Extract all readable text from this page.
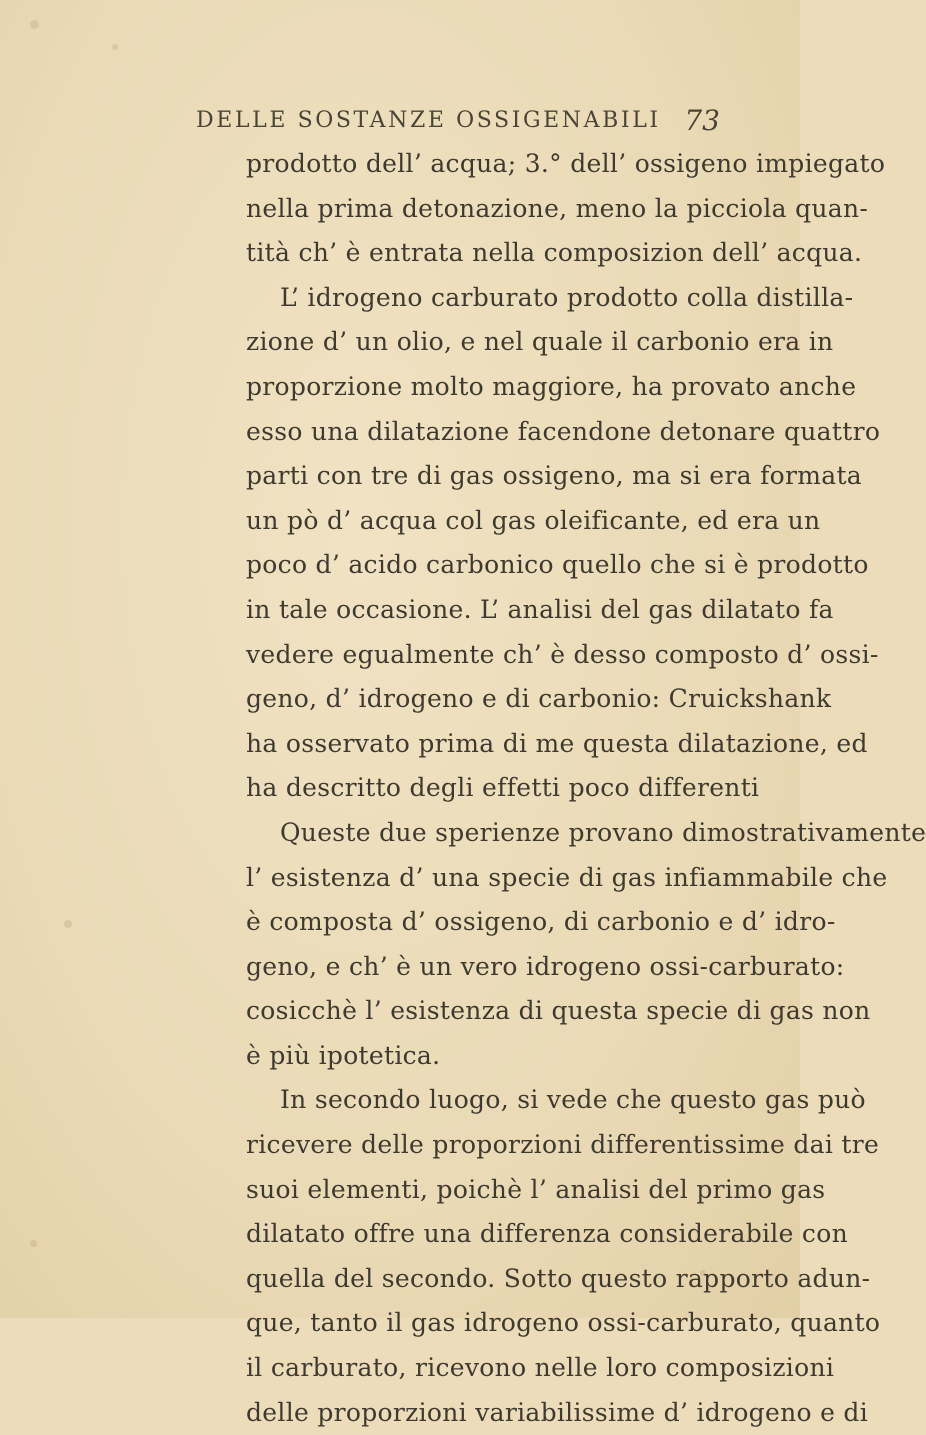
DELLE SOSTANZE OSSIGENABILI 73
prodotto dell’ acqua; 3.° dell’ ossigeno impiegato
nella prima detonazione, meno la picciola quan-
tità ch’ è entrata nella composizion dell’ acqua.
L’ idrogeno carburato prodotto colla distilla-
zione d’ un olio, e nel quale il carbonio era in
proporzione molto maggiore, ha provato anche
esso una dilatazione facendone detonare quattro
parti con tre di gas ossigeno, ma si era formata
un pò d’ acqua col gas oleificante, ed era un
poco d’ acido carbonico quello che si è prodotto
in tale occasione. L’ analisi del gas dilatato fa
vedere egualmente ch’ è desso composto d’ ossi-
geno, d’ idrogeno e di carbonio: Cruickshank
ha osservato prima di me questa dilatazione, ed
ha descritto degli effetti poco differenti
Queste due sperienze provano dimostrativamente
l’ esistenza d’ una specie di gas infiammabile che
è composta d’ ossigeno, di carbonio e d’ idro-
geno, e ch’ è un vero idrogeno ossi-carburato:
cosicchè l’ esistenza di questa specie di gas non
è più ipotetica.
In secondo luogo, si vede che questo gas può
ricevere delle proporzioni differentissime dai tre
suoi elementi, poichè l’ analisi del primo gas
dilatato offre una differenza considerabile con
quella del secondo. Sotto questo rapporto adun-
que, tanto il gas idrogeno ossi-carburato, quanto
il carburato, ricevono nelle loro composizioni
delle proporzioni variabilissime d’ idrogeno e di
